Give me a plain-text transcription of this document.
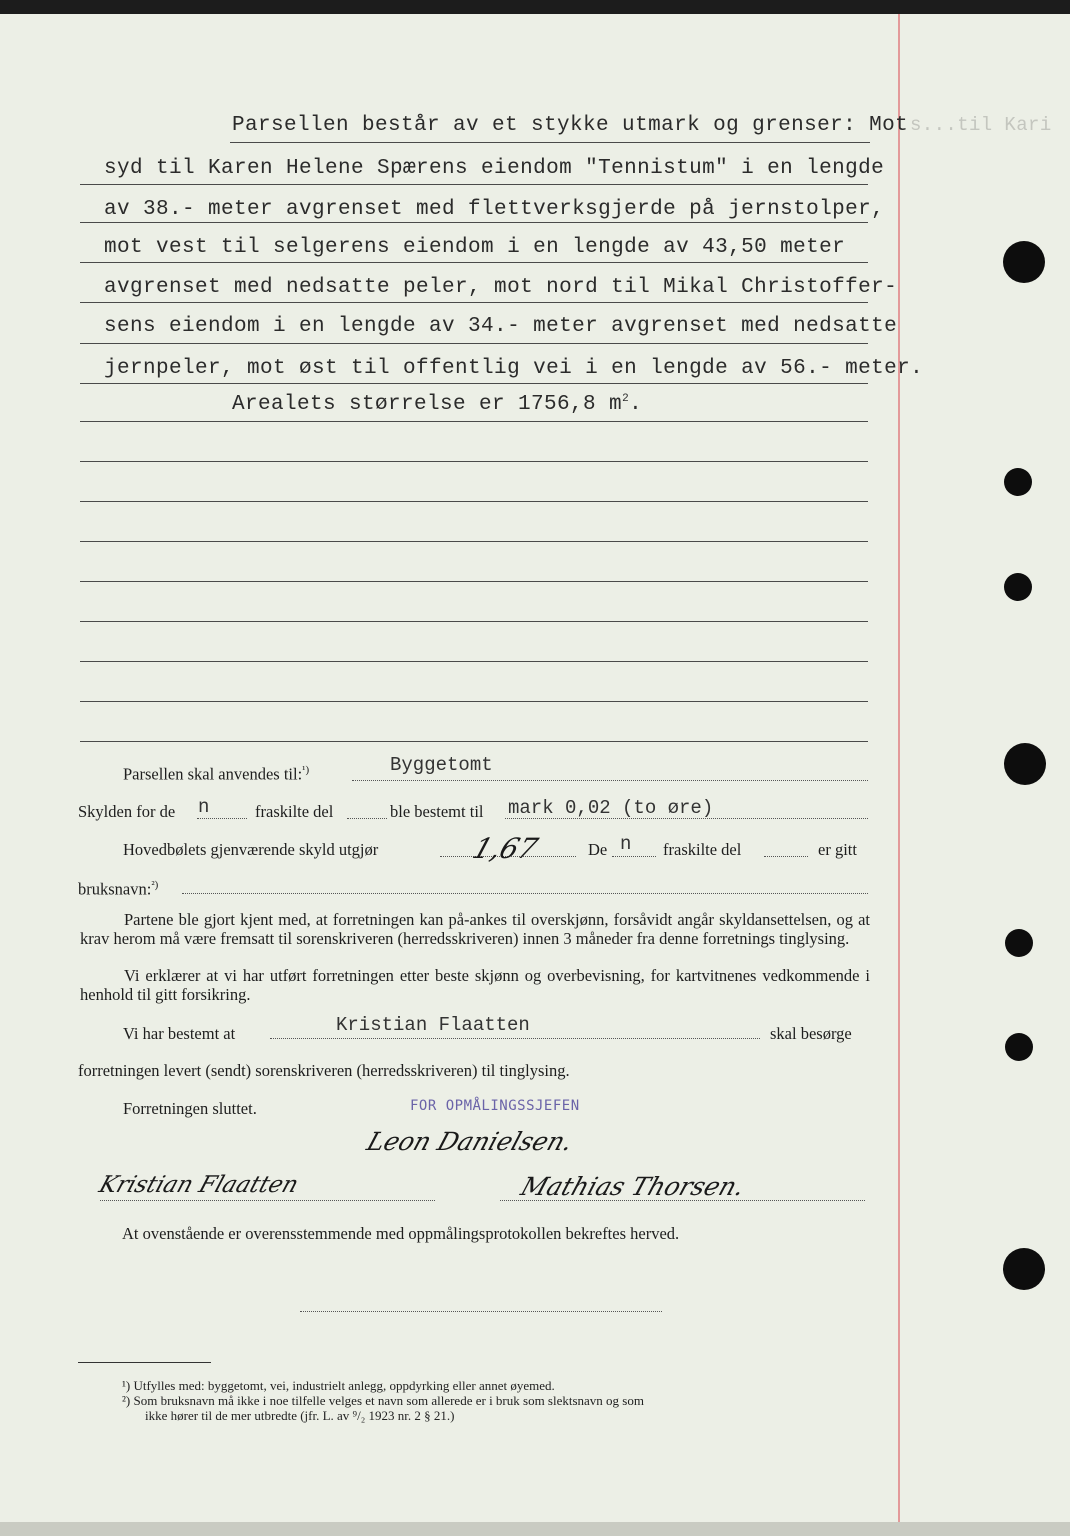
Parsellen består av et stykke utmark og grenser: Mot s...til Kari
syd til Karen Helene Spærens eiendom "Tennistum" i en lengde
av 38.- meter avgrenset med flettverksgjerde på jernstolper,
mot vest til selgerens eiendom i en lengde av 43,50 meter
avgrenset med nedsatte peler, mot nord til Mikal Christoffer-
sens eiendom i en lengde av 34.- meter avgrenset med nedsatte
jernpeler, mot øst til offentlig vei i en lengde av 56.- meter.
Arealets størrelse er 1756,8 $m^2$.
Parsellen skal anvendes til:$^{^1)}$	Byggetomt
Skylden for de n	fraskilte del	ble bestemt til mark 0,02 (to øre)
Hovedbølets gjenværende skyld utgjør	1,67	De n fraskilte del	er gitt
bruksnavn:$^{^2)}$
Partene ble gjort kjent med, at forretningen kan på-ankes til overskjønn, forsåvidt angår skyldansettelsen, og at krav herom må være fremsatt til sorenskriveren (herredsskriveren) innen 3 måneder fra denne forretnings tinglysing.
Vi erklærer at vi har utført forretningen etter beste skjønn og overbevisning, for kartvitnenes vedkommende i henhold til gitt forsikring.
Vi har bestemt at	Kristian Flaatten	skal besørge
forretningen levert (sendt) sorenskriveren (herredsskriveren) til tinglysing.
Forretningen sluttet.	FOR OPMÅLINGSSJEFEN
Leon Danielsen.
Kristian Flaatten	Mathias Thorsen.
At ovenstående er overensstemmende med oppmålingsprotokollen bekreftes herved.
¹) Utfylles med: byggetomt, vei, industrielt anlegg, oppdyrking eller annet øyemed.
²) Som bruksnavn må ikke i noe tilfelle velges et navn som allerede er i bruk som slektsnavn og som
ikke hører til de mer utbredte (jfr. L. av ⁹/₂ 1923 nr. 2 § 21.)
